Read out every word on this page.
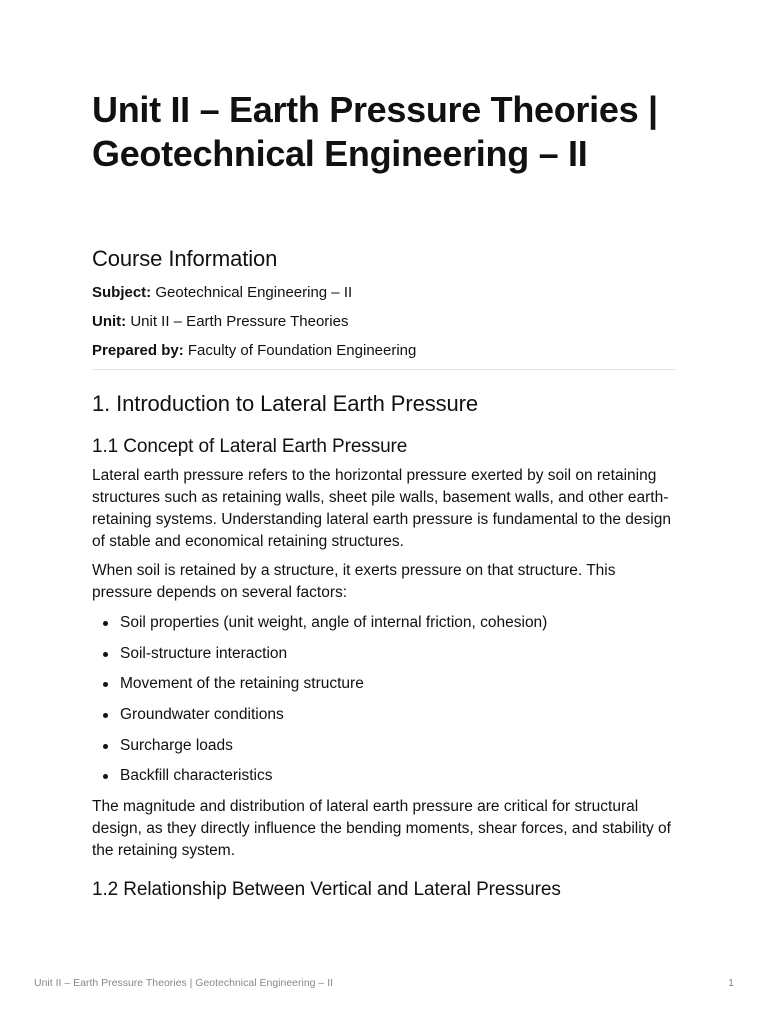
Unit II – Earth Pressure Theories | Geotechnical Engineering – II
Course Information

Subject: Geotechnical Engineering – II

Unit: Unit II – Earth Pressure Theories

Prepared by: Faculty of Foundation Engineering

1. Introduction to Lateral Earth Pressure
1.1 Concept of Lateral Earth Pressure

Lateral earth pressure refers to the horizontal pressure exerted by soil on retaining structures such as retaining walls, sheet pile walls, basement walls, and other earth-retaining systems. Understanding lateral earth pressure is fundamental to the design of stable and economical retaining structures.

When soil is retained by a structure, it exerts pressure on that structure. This pressure depends on several factors:

Soil properties (unit weight, angle of internal friction, cohesion)
Soil-structure interaction
Movement of the retaining structure
Groundwater conditions
Surcharge loads
Backfill characteristics

The magnitude and distribution of lateral earth pressure are critical for structural design, as they directly influence the bending moments, shear forces, and stability of the retaining system.

1.2 Relationship Between Vertical and Lateral Pressures
Unit II – Earth Pressure Theories | Geotechnical Engineering – II	1
